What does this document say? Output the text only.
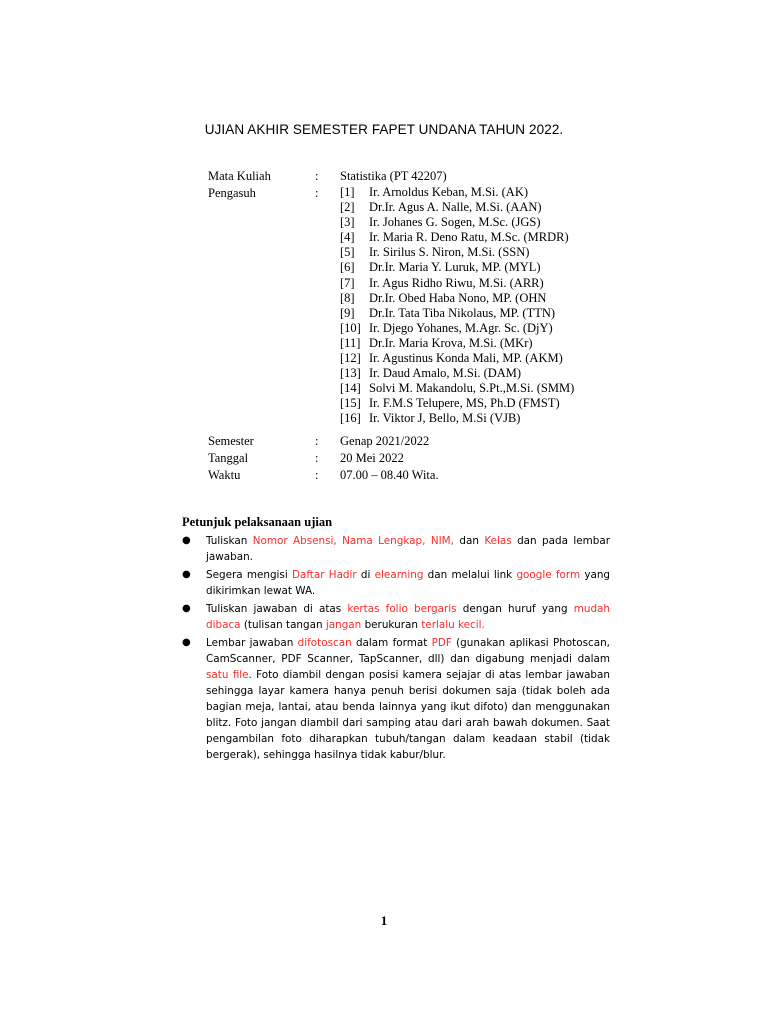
UJIAN AKHIR SEMESTER FAPET UNDANA TAHUN 2022.
Mata Kuliah	: Statistika (PT 42207)
Pengasuh	: [1] Ir. Arnoldus Keban, M.Si. (AK)
[2] Dr.Ir. Agus A. Nalle, M.Si. (AAN)
[3] Ir. Johanes G. Sogen, M.Sc. (JGS)
[4] Ir. Maria R. Deno Ratu, M.Sc. (MRDR)
[5] Ir. Sirilus S. Niron, M.Si. (SSN)
[6] Dr.Ir. Maria Y. Luruk, MP. (MYL)
[7] Ir. Agus Ridho Riwu, M.Si. (ARR)
[8] Dr.Ir. Obed Haba Nono, MP. (OHN
[9] Dr.Ir. Tata Tiba Nikolaus, MP. (TTN)
[10] Ir. Djego Yohanes, M.Agr. Sc. (DjY)
[11] Dr.Ir. Maria Krova, M.Si. (MKr)
[12] Ir. Agustinus Konda Mali, MP. (AKM)
[13] Ir. Daud Amalo, M.Si. (DAM)
[14] Solvi M. Makandolu, S.Pt.,M.Si. (SMM)
[15] Ir. F.M.S Telupere, MS, Ph.D (FMST)
[16] Ir. Viktor J, Bello, M.Si (VJB)
Semester	: Genap 2021/2022
Tanggal	: 20 Mei 2022
Waktu	: 07.00 – 08.40 Wita.
Petunjuk pelaksanaan ujian
● Tuliskan Nomor Absensi, Nama Lengkap, NIM, dan Kelas dan pada lembar jawaban.
● Segera mengisi Daftar Hadir di elearning dan melalui link google form yang dikirimkan lewat WA.
● Tuliskan jawaban di atas kertas folio bergaris dengan huruf yang mudah dibaca (tulisan tangan jangan berukuran terlalu kecil.
● Lembar jawaban difotoscan dalam format PDF (gunakan aplikasi Photoscan, CamScanner, PDF Scanner, TapScanner, dll) dan digabung menjadi dalam satu file. Foto diambil dengan posisi kamera sejajar di atas lembar jawaban sehingga layar kamera hanya penuh berisi dokumen saja (tidak boleh ada bagian meja, lantai, atau benda lainnya yang ikut difoto) dan menggunakan blitz. Foto jangan diambil dari samping atau dari arah bawah dokumen. Saat pengambilan foto diharapkan tubuh/tangan dalam keadaan stabil (tidak bergerak), sehingga hasilnya tidak kabur/blur.
1
